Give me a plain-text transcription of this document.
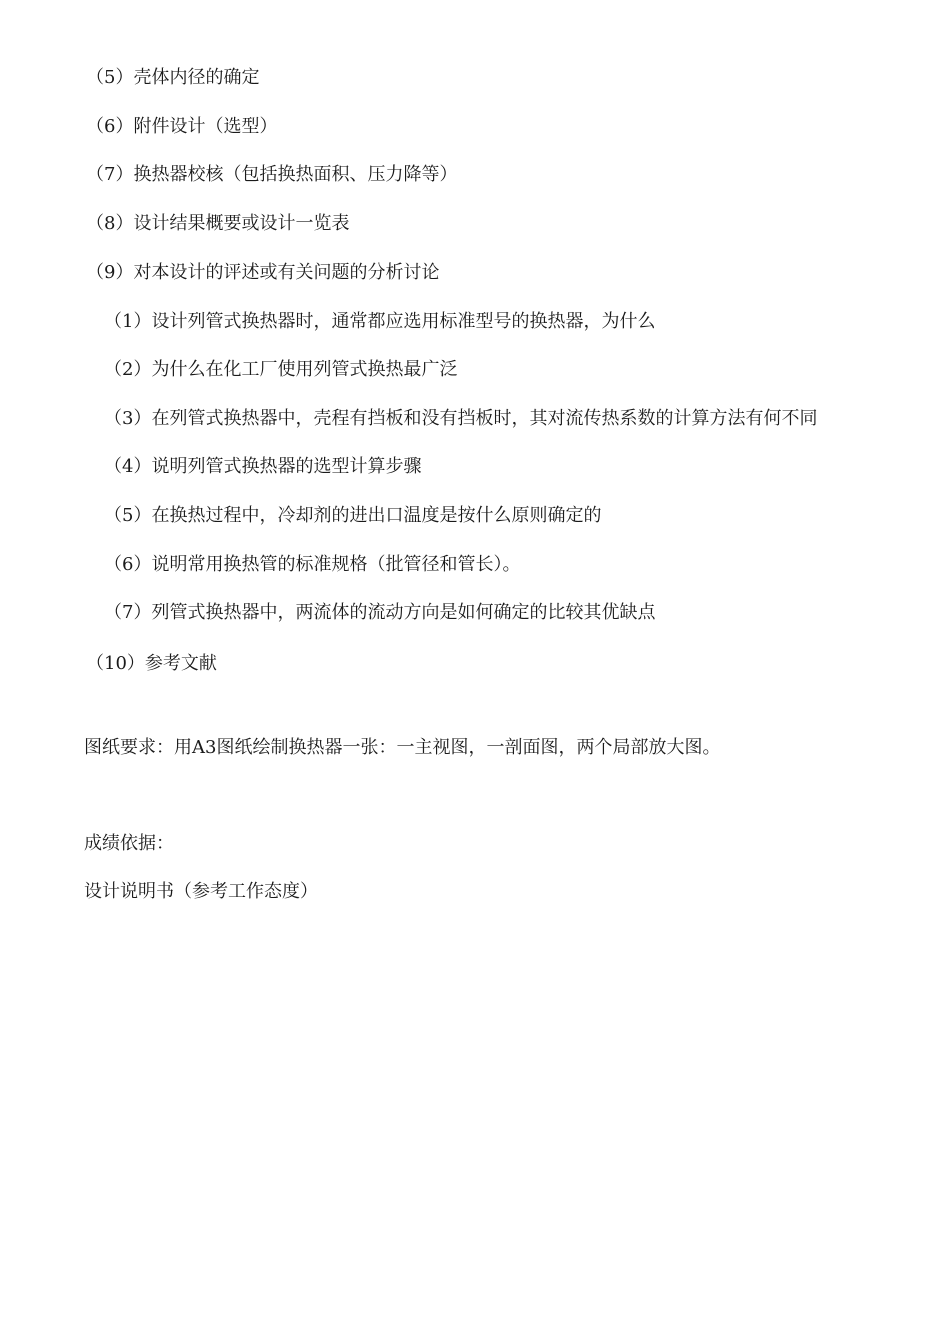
（5）壳体内径的确定
（6）附件设计（选型）
（7）换热器校核（包括换热面积、压力降等）
（8）设计结果概要或设计一览表
（9）对本设计的评述或有关问题的分析讨论
（1）设计列管式换热器时，通常都应选用标准型号的换热器，为什么
（2）为什么在化工厂使用列管式换热最广泛
（3）在列管式换热器中，壳程有挡板和没有挡板时，其对流传热系数的计算方法有何不同
（4）说明列管式换热器的选型计算步骤
（5）在换热过程中，冷却剂的进出口温度是按什么原则确定的
（6）说明常用换热管的标准规格（批管径和管长）。
（7）列管式换热器中，两流体的流动方向是如何确定的比较其优缺点
（10）参考文献
图纸要求：用A3图纸绘制换热器一张：一主视图，一剖面图，两个局部放大图。
成绩依据：
设计说明书（参考工作态度）
